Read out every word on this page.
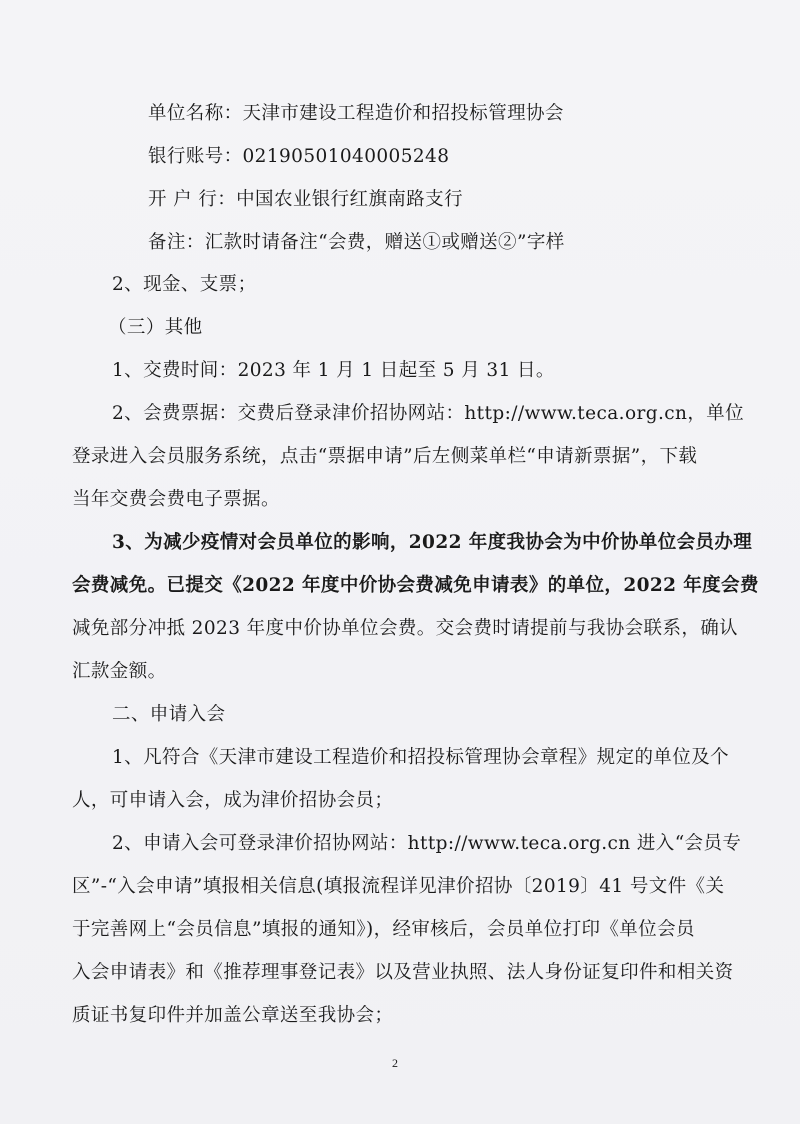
单位名称：天津市建设工程造价和招投标管理协会
银行账号：02190501040005248
开 户 行：中国农业银行红旗南路支行
备注：汇款时请备注“会费，赠送①或赠送②”字样
2、现金、支票；
（三）其他
1、交费时间：2023 年 1 月 1 日起至 5 月 31 日。
2、会费票据：交费后登录津价招协网站：http://www.teca.org.cn，单位
登录进入会员服务系统，点击“票据申请”后左侧菜单栏“申请新票据”，下载
当年交费会费电子票据。
3、为减少疫情对会员单位的影响，2022 年度我协会为中价协单位会员办理
会费减免。已提交《2022 年度中价协会费减免申请表》的单位，2022 年度会费
减免部分冲抵 2023 年度中价协单位会费。交会费时请提前与我协会联系，确认
汇款金额。
二、申请入会
1、凡符合《天津市建设工程造价和招投标管理协会章程》规定的单位及个
人，可申请入会，成为津价招协会员；
2、申请入会可登录津价招协网站：http://www.teca.org.cn 进入“会员专
区”-“入会申请”填报相关信息(填报流程详见津价招协〔2019〕41 号文件《关
于完善网上“会员信息”填报的通知》)，经审核后，会员单位打印《单位会员
入会申请表》和《推荐理事登记表》以及营业执照、法人身份证复印件和相关资
质证书复印件并加盖公章送至我协会；
2
